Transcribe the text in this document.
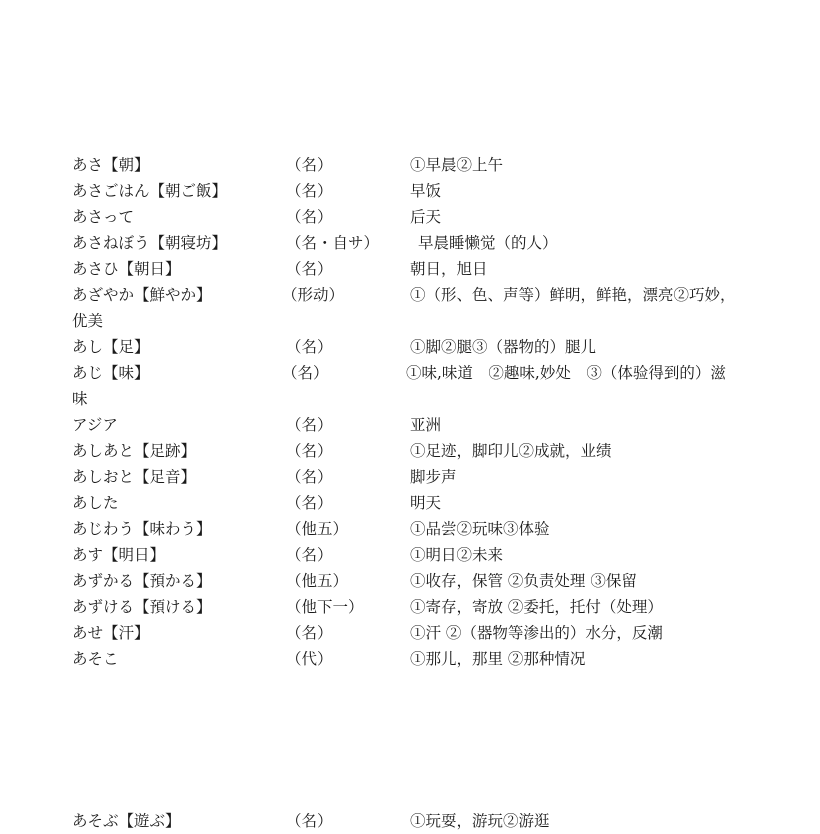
あさ【朝】	（名）	①早晨②上午
あさごはん【朝ご飯】	（名）	早饭
あさって	（名）	后天
あさねぼう【朝寝坊】	（名・自サ）	早晨睡懒觉（的人）
あさひ【朝日】	（名）	朝日，旭日
あざやか【鮮やか】	（形动）	①（形、色、声等）鲜明，鲜艳，漂亮②巧妙，
优美
あし【足】	（名）	①脚②腿③（器物的）腿儿
あじ【味】	（名）	①味,味道　②趣味,妙处　③（体验得到的）滋
味
アジア	（名）	亚洲
あしあと【足跡】	（名）	①足迹，脚印儿②成就，业绩
あしおと【足音】	（名）	脚步声
あした	（名）	明天
あじわう【味わう】	（他五）	①品尝②玩味③体验
あす【明日】	（名）	①明日②未来
あずかる【預かる】	（他五）	①收存，保管 ②负责处理 ③保留
あずける【預ける】	（他下一）	①寄存，寄放 ②委托，托付（处理）
あせ【汗】	（名）	①汗 ②（器物等渗出的）水分，反潮
あそこ	（代）	①那儿，那里 ②那种情况
あそぶ【遊ぶ】	（名）	①玩耍，游玩②游逛
